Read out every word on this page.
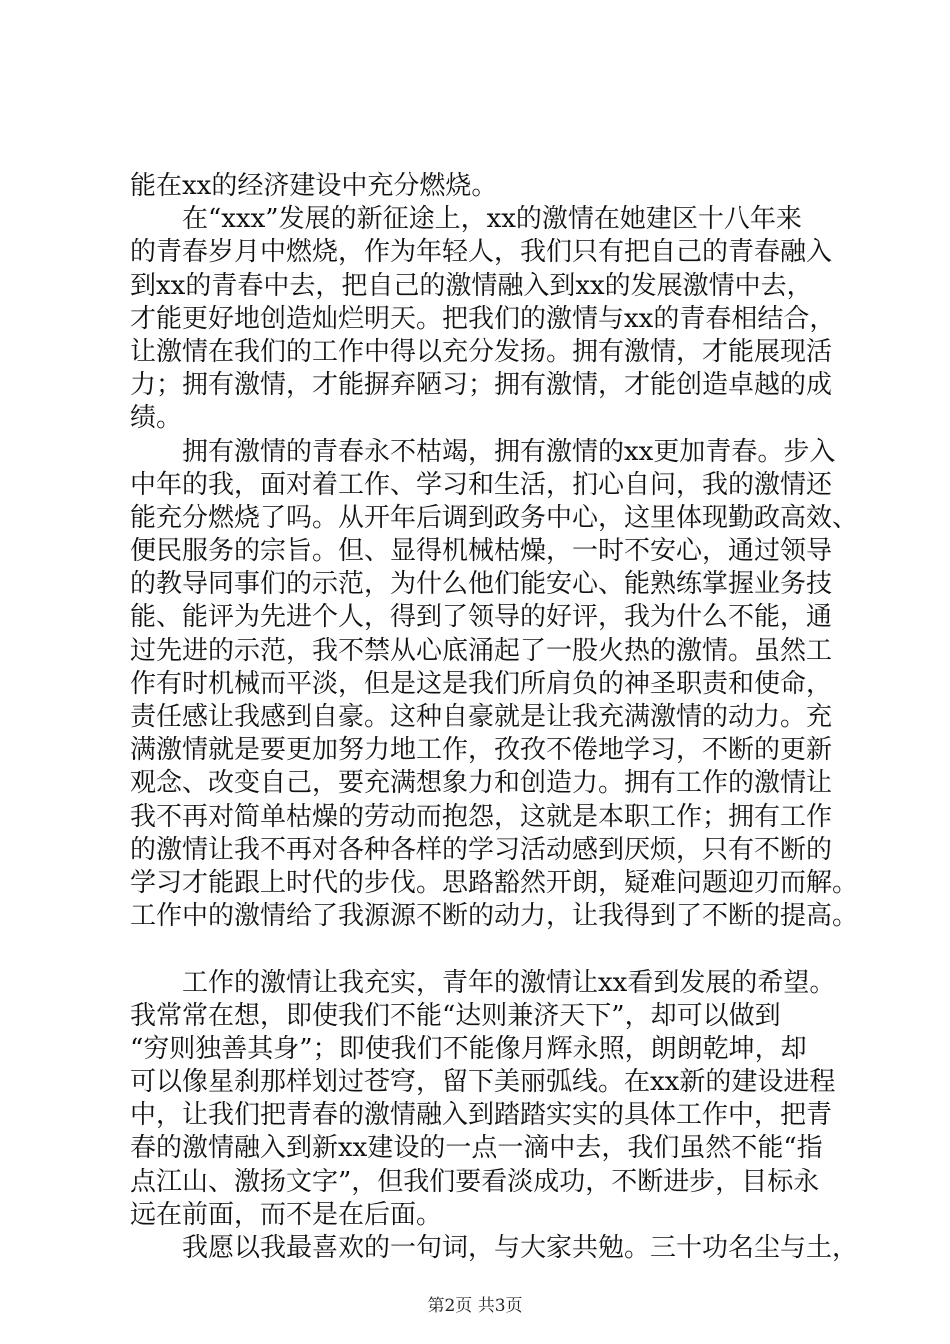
能在xx的经济建设中充分燃烧。
在“xxx”发展的新征途上，xx的激情在她建区十八年来
的青春岁月中燃烧，作为年轻人，我们只有把自己的青春融入
到xx的青春中去，把自己的激情融入到xx的发展激情中去，
才能更好地创造灿烂明天。把我们的激情与xx的青春相结合，
让激情在我们的工作中得以充分发扬。拥有激情，才能展现活
力；拥有激情，才能摒弃陋习；拥有激情，才能创造卓越的成
绩。
拥有激情的青春永不枯竭，拥有激情的xx更加青春。步入
中年的我，面对着工作、学习和生活，扪心自问，我的激情还
能充分燃烧了吗。从开年后调到政务中心，这里体现勤政高效、
便民服务的宗旨。但、显得机械枯燥，一时不安心，通过领导
的教导同事们的示范，为什么他们能安心、能熟练掌握业务技
能、能评为先进个人，得到了领导的好评，我为什么不能，通
过先进的示范，我不禁从心底涌起了一股火热的激情。虽然工
作有时机械而平淡，但是这是我们所肩负的神圣职责和使命，
责任感让我感到自豪。这种自豪就是让我充满激情的动力。充
满激情就是要更加努力地工作，孜孜不倦地学习，不断的更新
观念、改变自己，要充满想象力和创造力。拥有工作的激情让
我不再对简单枯燥的劳动而抱怨，这就是本职工作；拥有工作
的激情让我不再对各种各样的学习活动感到厌烦，只有不断的
学习才能跟上时代的步伐。思路豁然开朗，疑难问题迎刃而解。
工作中的激情给了我源源不断的动力，让我得到了不断的提高。
工作的激情让我充实，青年的激情让xx看到发展的希望。
我常常在想，即使我们不能“达则兼济天下”，却可以做到
“穷则独善其身”；即使我们不能像月辉永照，朗朗乾坤，却
可以像星刹那样划过苍穹，留下美丽弧线。在xx新的建设进程
中，让我们把青春的激情融入到踏踏实实的具体工作中，把青
春的激情融入到新xx建设的一点一滴中去，我们虽然不能“指
点江山、激扬文字”，但我们要看淡成功，不断进步，目标永
远在前面，而不是在后面。
我愿以我最喜欢的一句词，与大家共勉。三十功名尘与土，
第2页 共3页
